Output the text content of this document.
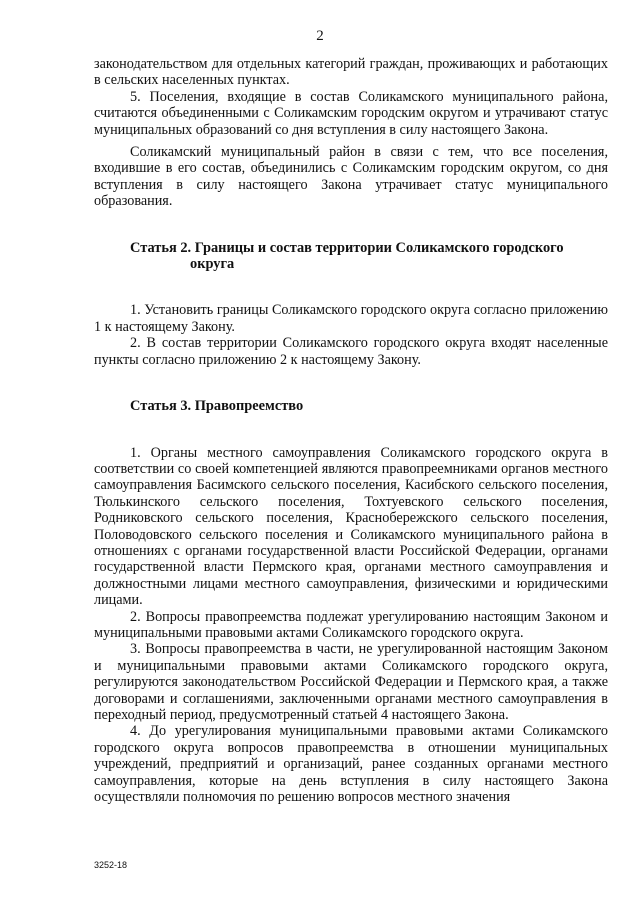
2

законодательством для отдельных категорий граждан, проживающих и работающих в сельских населенных пунктах.

5. Поселения, входящие в состав Соликамского муниципального района, считаются объединенными с Соликамским городским округом и утрачивают статус муниципальных образований со дня вступления в силу настоящего Закона.

Соликамский муниципальный район в связи с тем, что все поселения, входившие в его состав, объединились с Соликамским городским округом, со дня вступления в силу настоящего Закона утрачивает статус муниципального образования.

Статья 2. Границы и состав территории Соликамского городского
округа

1. Установить границы Соликамского городского округа согласно приложению 1 к настоящему Закону.

2. В состав территории Соликамского городского округа входят населенные пункты согласно приложению 2 к настоящему Закону.

Статья 3. Правопреемство

1. Органы местного самоуправления Соликамского городского округа в соответствии со своей компетенцией являются правопреемниками органов местного самоуправления Басимского сельского поселения, Касибского сельского поселения, Тюлькинского сельского поселения, Тохтуевского сельского поселения, Родниковского сельского поселения, Краснобережского сельского поселения, Половодовского сельского поселения и Соликамского муниципального района в отношениях с органами государственной власти Российской Федерации, органами государственной власти Пермского края, органами местного самоуправления и должностными лицами местного самоуправления, физическими и юридическими лицами.

2. Вопросы правопреемства подлежат урегулированию настоящим Законом и муниципальными правовыми актами Соликамского городского округа.

3. Вопросы правопреемства в части, не урегулированной настоящим Законом и муниципальными правовыми актами Соликамского городского округа, регулируются законодательством Российской Федерации и Пермского края, а также договорами и соглашениями, заключенными органами местного самоуправления в переходный период, предусмотренный статьей 4 настоящего Закона.

4. До урегулирования муниципальными правовыми актами Соликамского городского округа вопросов правопреемства в отношении муниципальных учреждений, предприятий и организаций, ранее созданных органами местного самоуправления, которые на день вступления в силу настоящего Закона осуществляли полномочия по решению вопросов местного значения

3252-18
